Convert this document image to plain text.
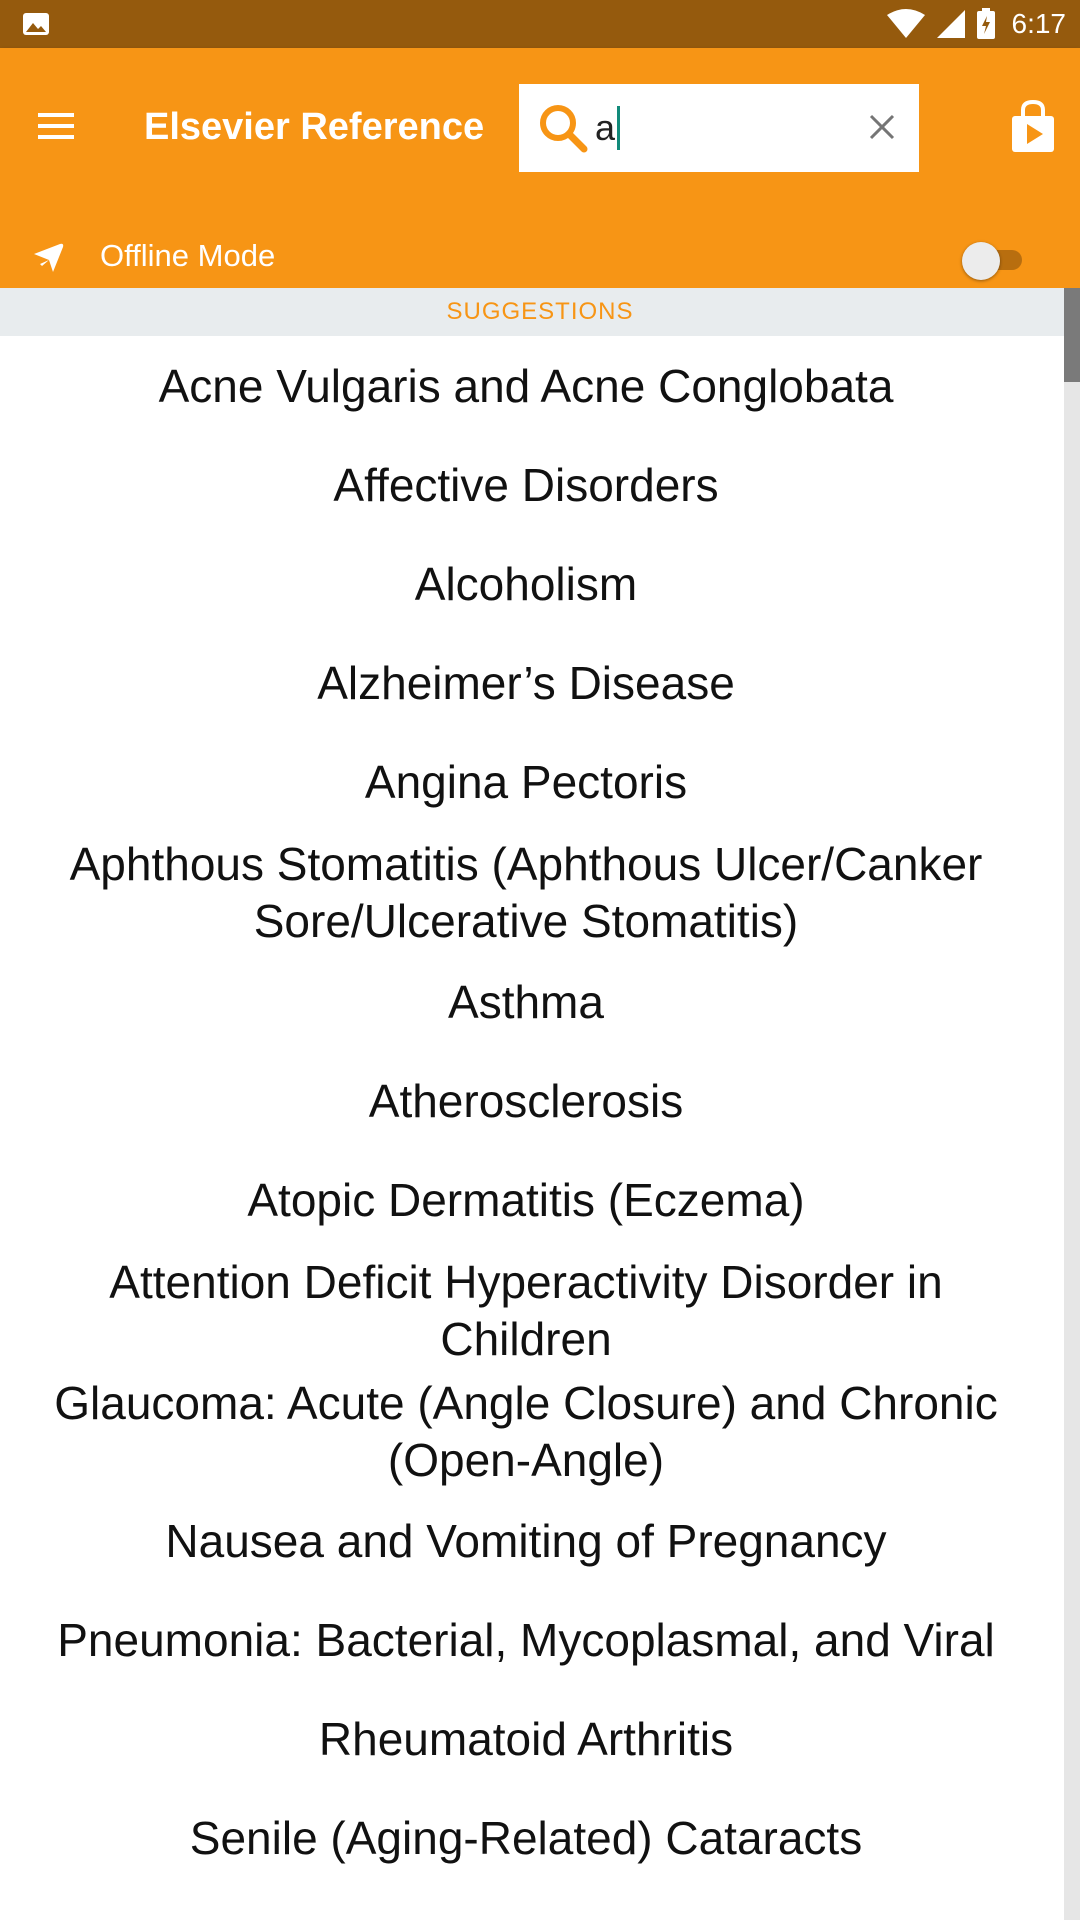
6:17
Elsevier Reference	a
Offline Mode
SUGGESTIONS
Acne Vulgaris and Acne Conglobata
Affective Disorders
Alcoholism
Alzheimer’s Disease
Angina Pectoris
Aphthous Stomatitis (Aphthous Ulcer/Canker Sore/Ulcerative Stomatitis)
Asthma
Atherosclerosis
Atopic Dermatitis (Eczema)
Attention Deficit Hyperactivity Disorder in Children
Glaucoma: Acute (Angle Closure) and Chronic (Open-Angle)
Nausea and Vomiting of Pregnancy
Pneumonia: Bacterial, Mycoplasmal, and Viral
Rheumatoid Arthritis
Senile (Aging-Related) Cataracts
